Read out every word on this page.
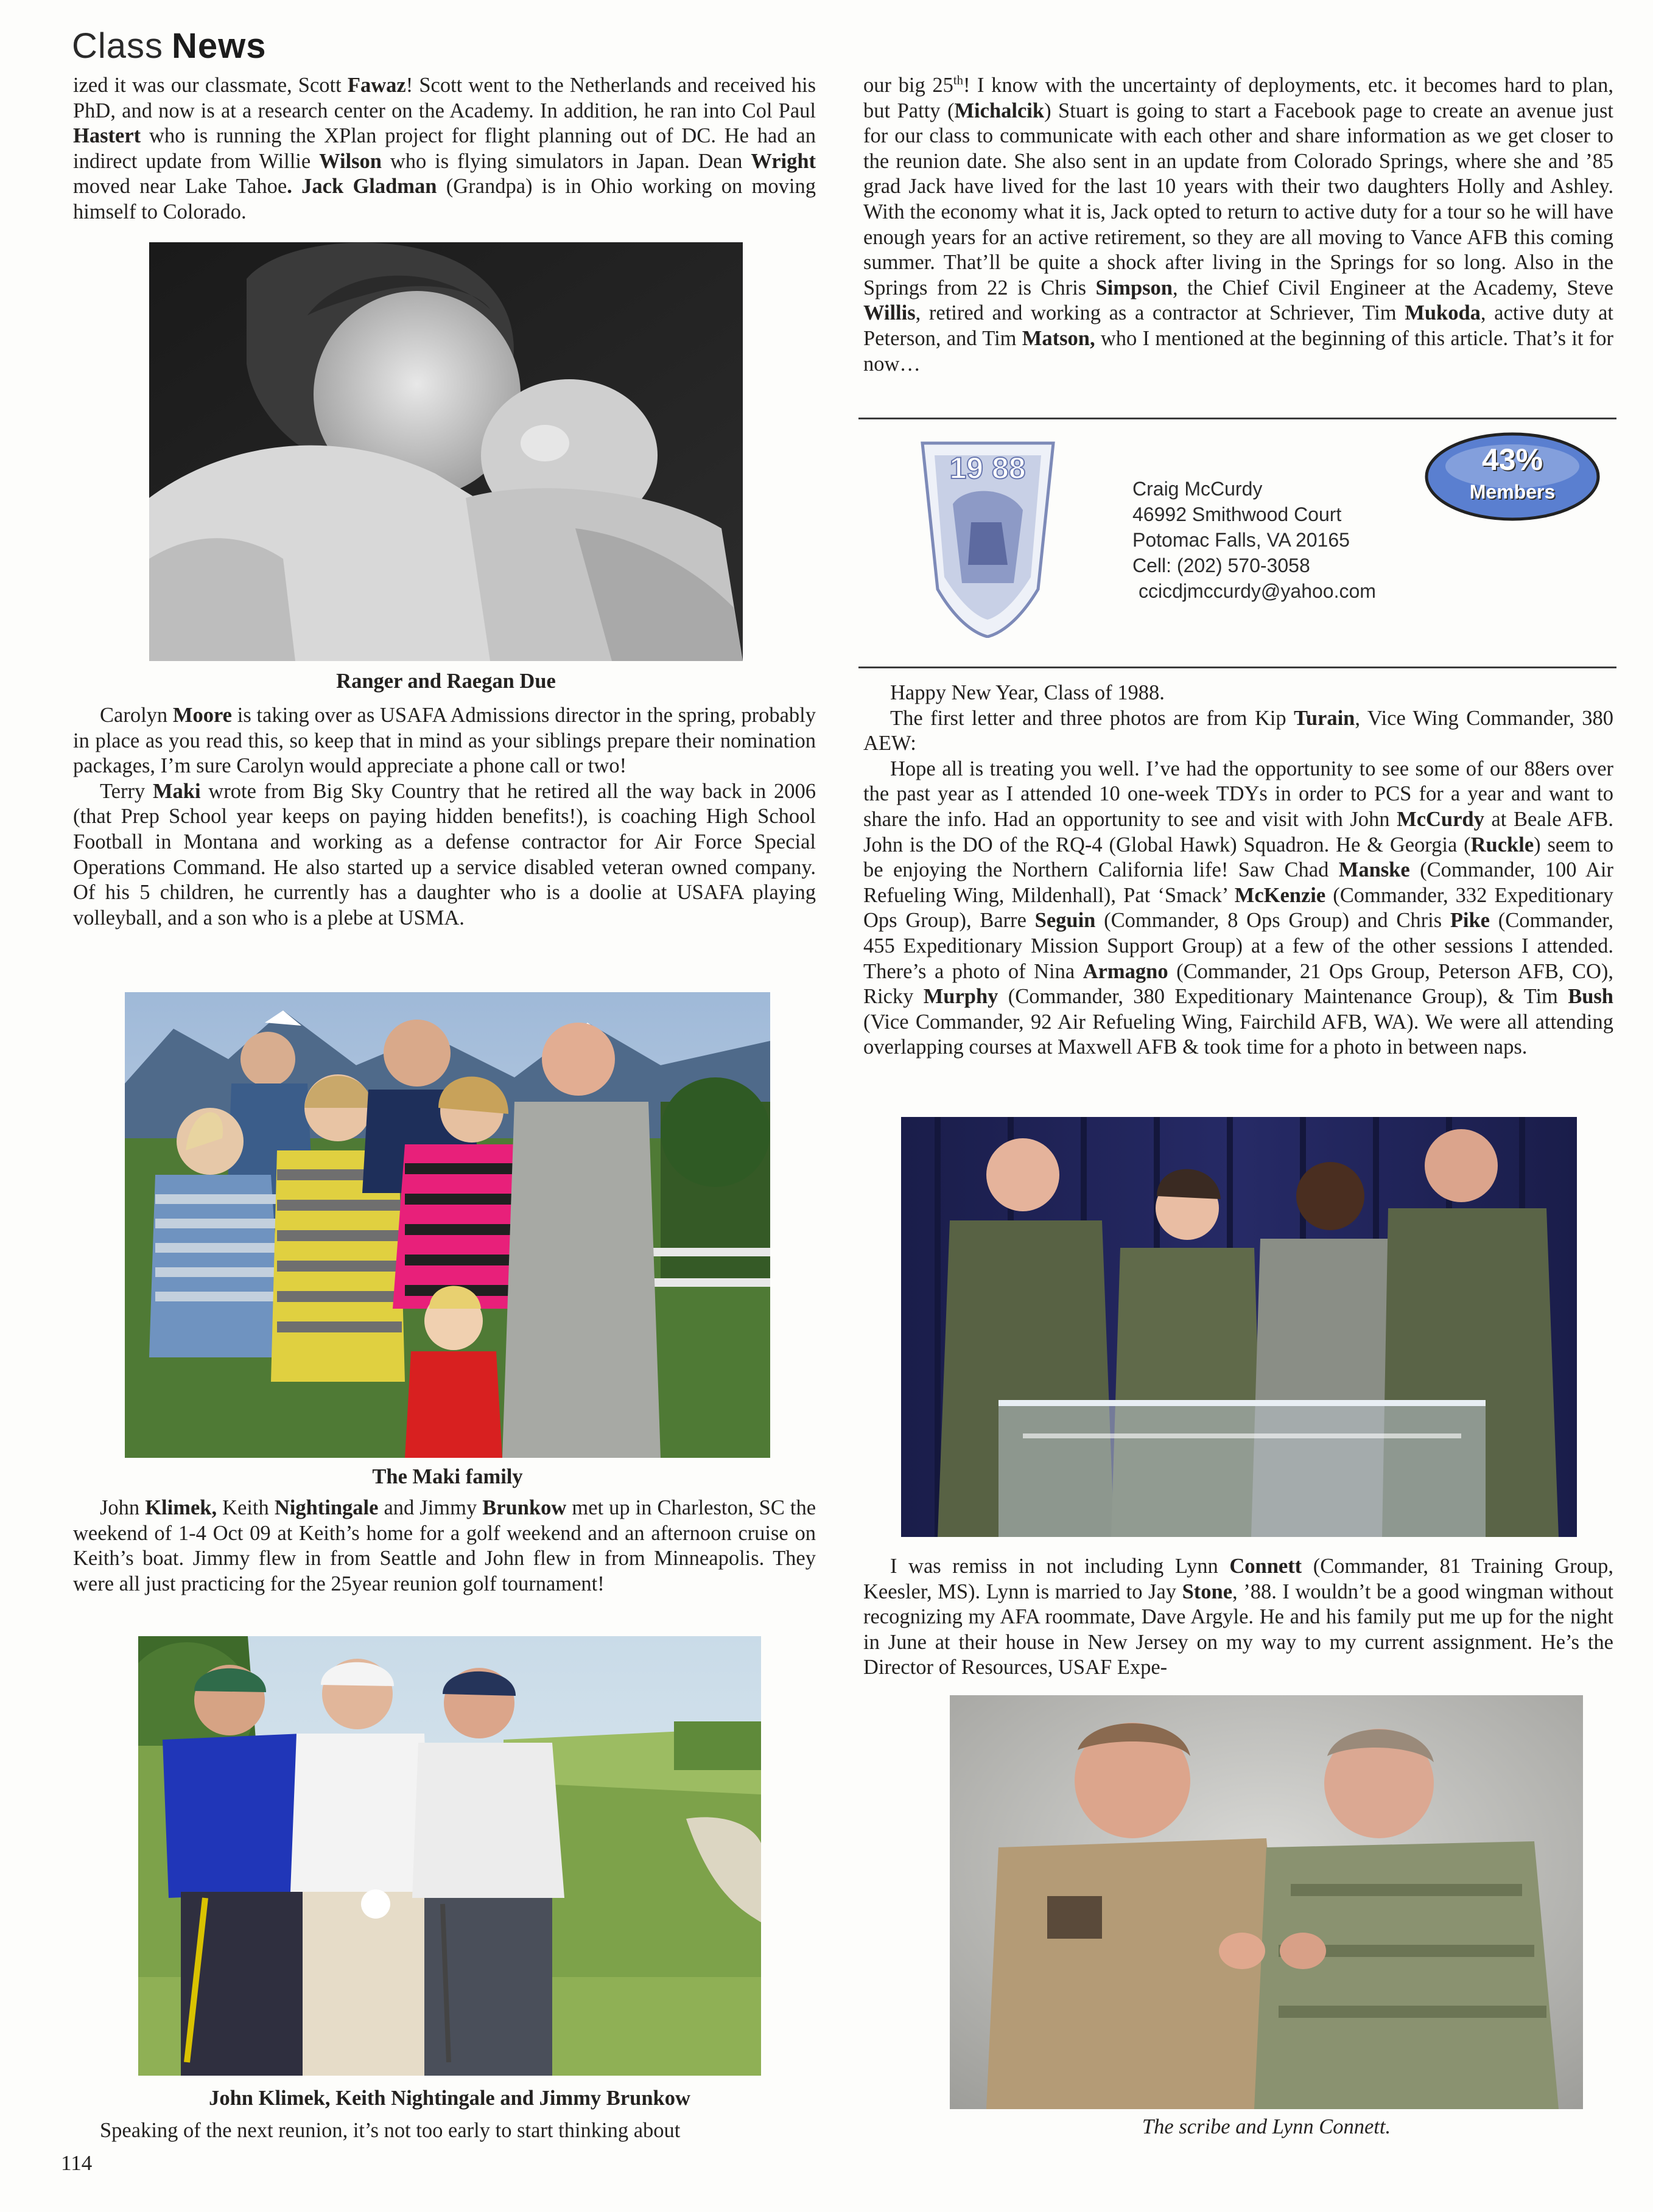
Class News

ized it was our classmate, Scott Fawaz! Scott went to the Netherlands and received his PhD, and now is at a research center on the Academy. In addition, he ran into Col Paul Hastert who is running the XPlan project for flight planning out of DC. He had an indirect update from Willie Wilson who is flying simulators in Japan. Dean Wright moved near Lake Tahoe. Jack Gladman (Grandpa) is in Ohio working on moving himself to Colorado.

Ranger and Raegan Due

Carolyn Moore is taking over as USAFA Admissions director in the spring, probably in place as you read this, so keep that in mind as your siblings prepare their nomination packages, I’m sure Carolyn would appreciate a phone call or two!

Terry Maki wrote from Big Sky Country that he retired all the way back in 2006 (that Prep School year keeps on paying hidden benefits!), is coaching High School Football in Montana and working as a defense contractor for Air Force Special Operations Command. He also started up a service disabled veteran owned company. Of his 5 children, he currently has a daughter who is a doolie at USAFA playing volleyball, and a son who is a plebe at USMA.

The Maki family

John Klimek, Keith Nightingale and Jimmy Brunkow met up in Charleston, SC the weekend of 1-4 Oct 09 at Keith’s home for a golf weekend and an afternoon cruise on Keith’s boat. Jimmy flew in from Seattle and John flew in from Minneapolis. They were all just practicing for the 25year reunion golf tournament!

John Klimek, Keith Nightingale and Jimmy Brunkow

Speaking of the next reunion, it’s not too early to start thinking about

114

our big 25th! I know with the uncertainty of deployments, etc. it becomes hard to plan, but Patty (Michalcik) Stuart is going to start a Facebook page to create an avenue just for our class to communicate with each other and share information as we get closer to the reunion date. She also sent in an update from Colorado Springs, where she and ’85 grad Jack have lived for the last 10 years with their two daughters Holly and Ashley. With the economy what it is, Jack opted to return to active duty for a tour so he will have enough years for an active retirement, so they are all moving to Vance AFB this coming summer. That’ll be quite a shock after living in the Springs for so long. Also in the Springs from 22 is Chris Simpson, the Chief Civil Engineer at the Academy, Steve Willis, retired and working as a contractor at Schriever, Tim Mukoda, active duty at Peterson, and Tim Matson, who I mentioned at the beginning of this article. That’s it for now…

19 88
Craig McCurdy
46992 Smithwood Court
Potomac Falls, VA 20165
Cell: (202) 570-3058
ccicdjmccurdy@yahoo.com
43%
Members

Happy New Year, Class of 1988.

The first letter and three photos are from Kip Turain, Vice Wing Commander, 380 AEW:

Hope all is treating you well. I’ve had the opportunity to see some of our 88ers over the past year as I attended 10 one-week TDYs in order to PCS for a year and want to share the info. Had an opportunity to see and visit with John McCurdy at Beale AFB. John is the DO of the RQ-4 (Global Hawk) Squadron. He & Georgia (Ruckle) seem to be enjoying the Northern California life! Saw Chad Manske (Commander, 100 Air Refueling Wing, Mildenhall), Pat ‘Smack’ McKenzie (Commander, 332 Expeditionary Ops Group), Barre Seguin (Commander, 8 Ops Group) and Chris Pike (Commander, 455 Expeditionary Mission Support Group) at a few of the other sessions I attended. There’s a photo of Nina Armagno (Commander, 21 Ops Group, Peterson AFB, CO), Ricky Murphy (Commander, 380 Expeditionary Maintenance Group), & Tim Bush (Vice Commander, 92 Air Refueling Wing, Fairchild AFB, WA). We were all attending overlapping courses at Maxwell AFB & took time for a photo in between naps.

I was remiss in not including Lynn Connett (Commander, 81 Training Group, Keesler, MS). Lynn is married to Jay Stone, ’88. I wouldn’t be a good wingman without recognizing my AFA roommate, Dave Argyle. He and his family put me up for the night in June at their house in New Jersey on my way to my current assignment. He’s the Director of Resources, USAF Expe-

The scribe and Lynn Connett.
